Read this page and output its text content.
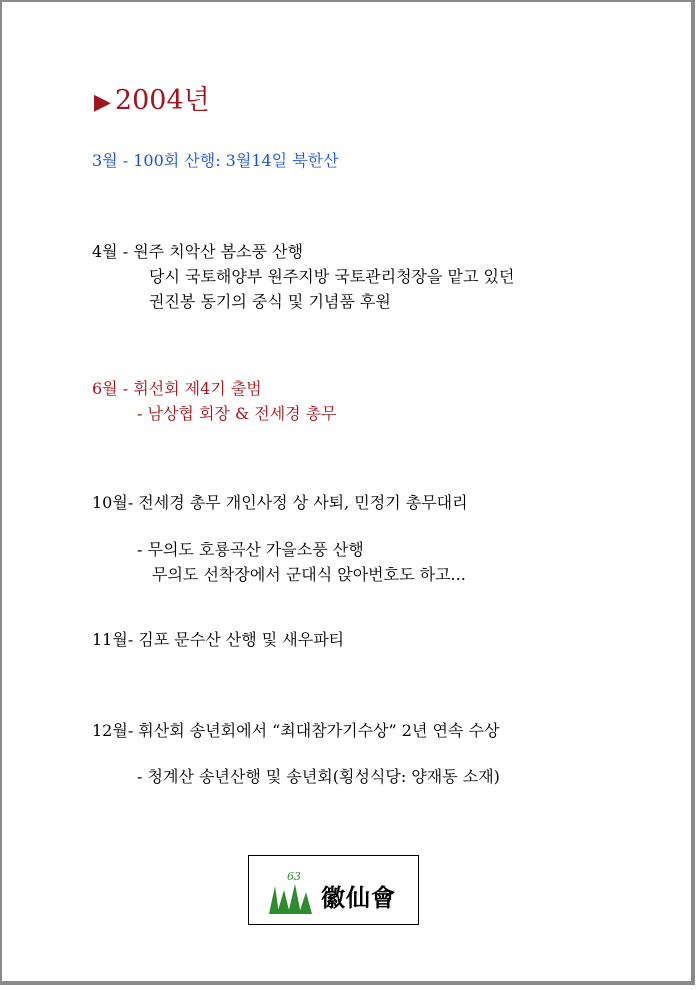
▶ 2004년
3월 - 100회 산행: 3월14일 북한산
4월 - 원주 치악산 봄소풍 산행
당시 국토해양부 원주지방 국토관리청장을 맡고 있던
권진봉 동기의 중식 및 기념품 후원
6월 - 휘선회 제4기 출범
- 남상협 회장 & 전세경 총무
10월- 전세경 총무 개인사정 상 사퇴, 민정기 총무대리
- 무의도 호룡곡산 가을소풍 산행
무의도 선착장에서 군대식 앉아번호도 하고...
11월- 김포 문수산 산행 및 새우파티
12월- 휘산회 송년회에서 “최대참가기수상” 2년 연속 수상
- 청계산 송년산행 및 송년회(횡성식당: 양재동 소재)
63
徽仙會
